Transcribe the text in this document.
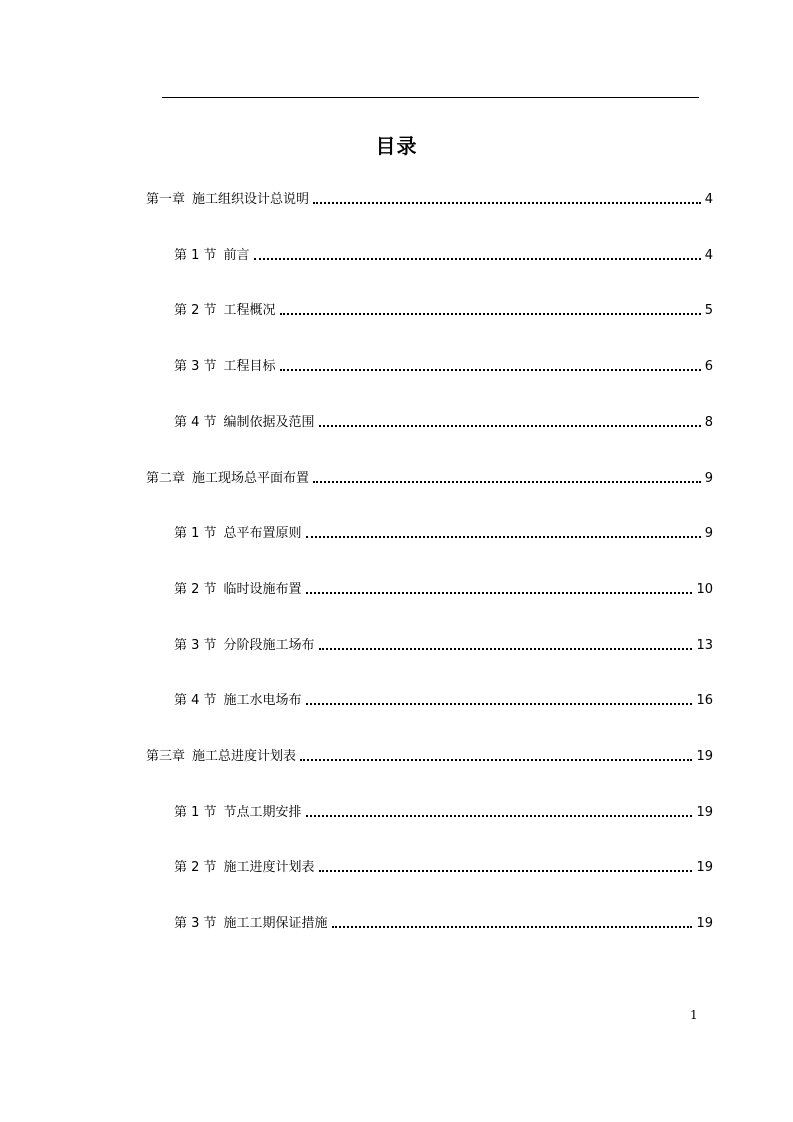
目录
第一章 施工组织设计总说明	4
第 1 节 前言	4
第 2 节 工程概况	5
第 3 节 工程目标	6
第 4 节 编制依据及范围	8
第二章 施工现场总平面布置	9
第 1 节 总平布置原则	9
第 2 节 临时设施布置	10
第 3 节 分阶段施工场布	13
第 4 节 施工水电场布	16
第三章 施工总进度计划表	19
第 1 节 节点工期安排	19
第 2 节 施工进度计划表	19
第 3 节 施工工期保证措施	19
1
